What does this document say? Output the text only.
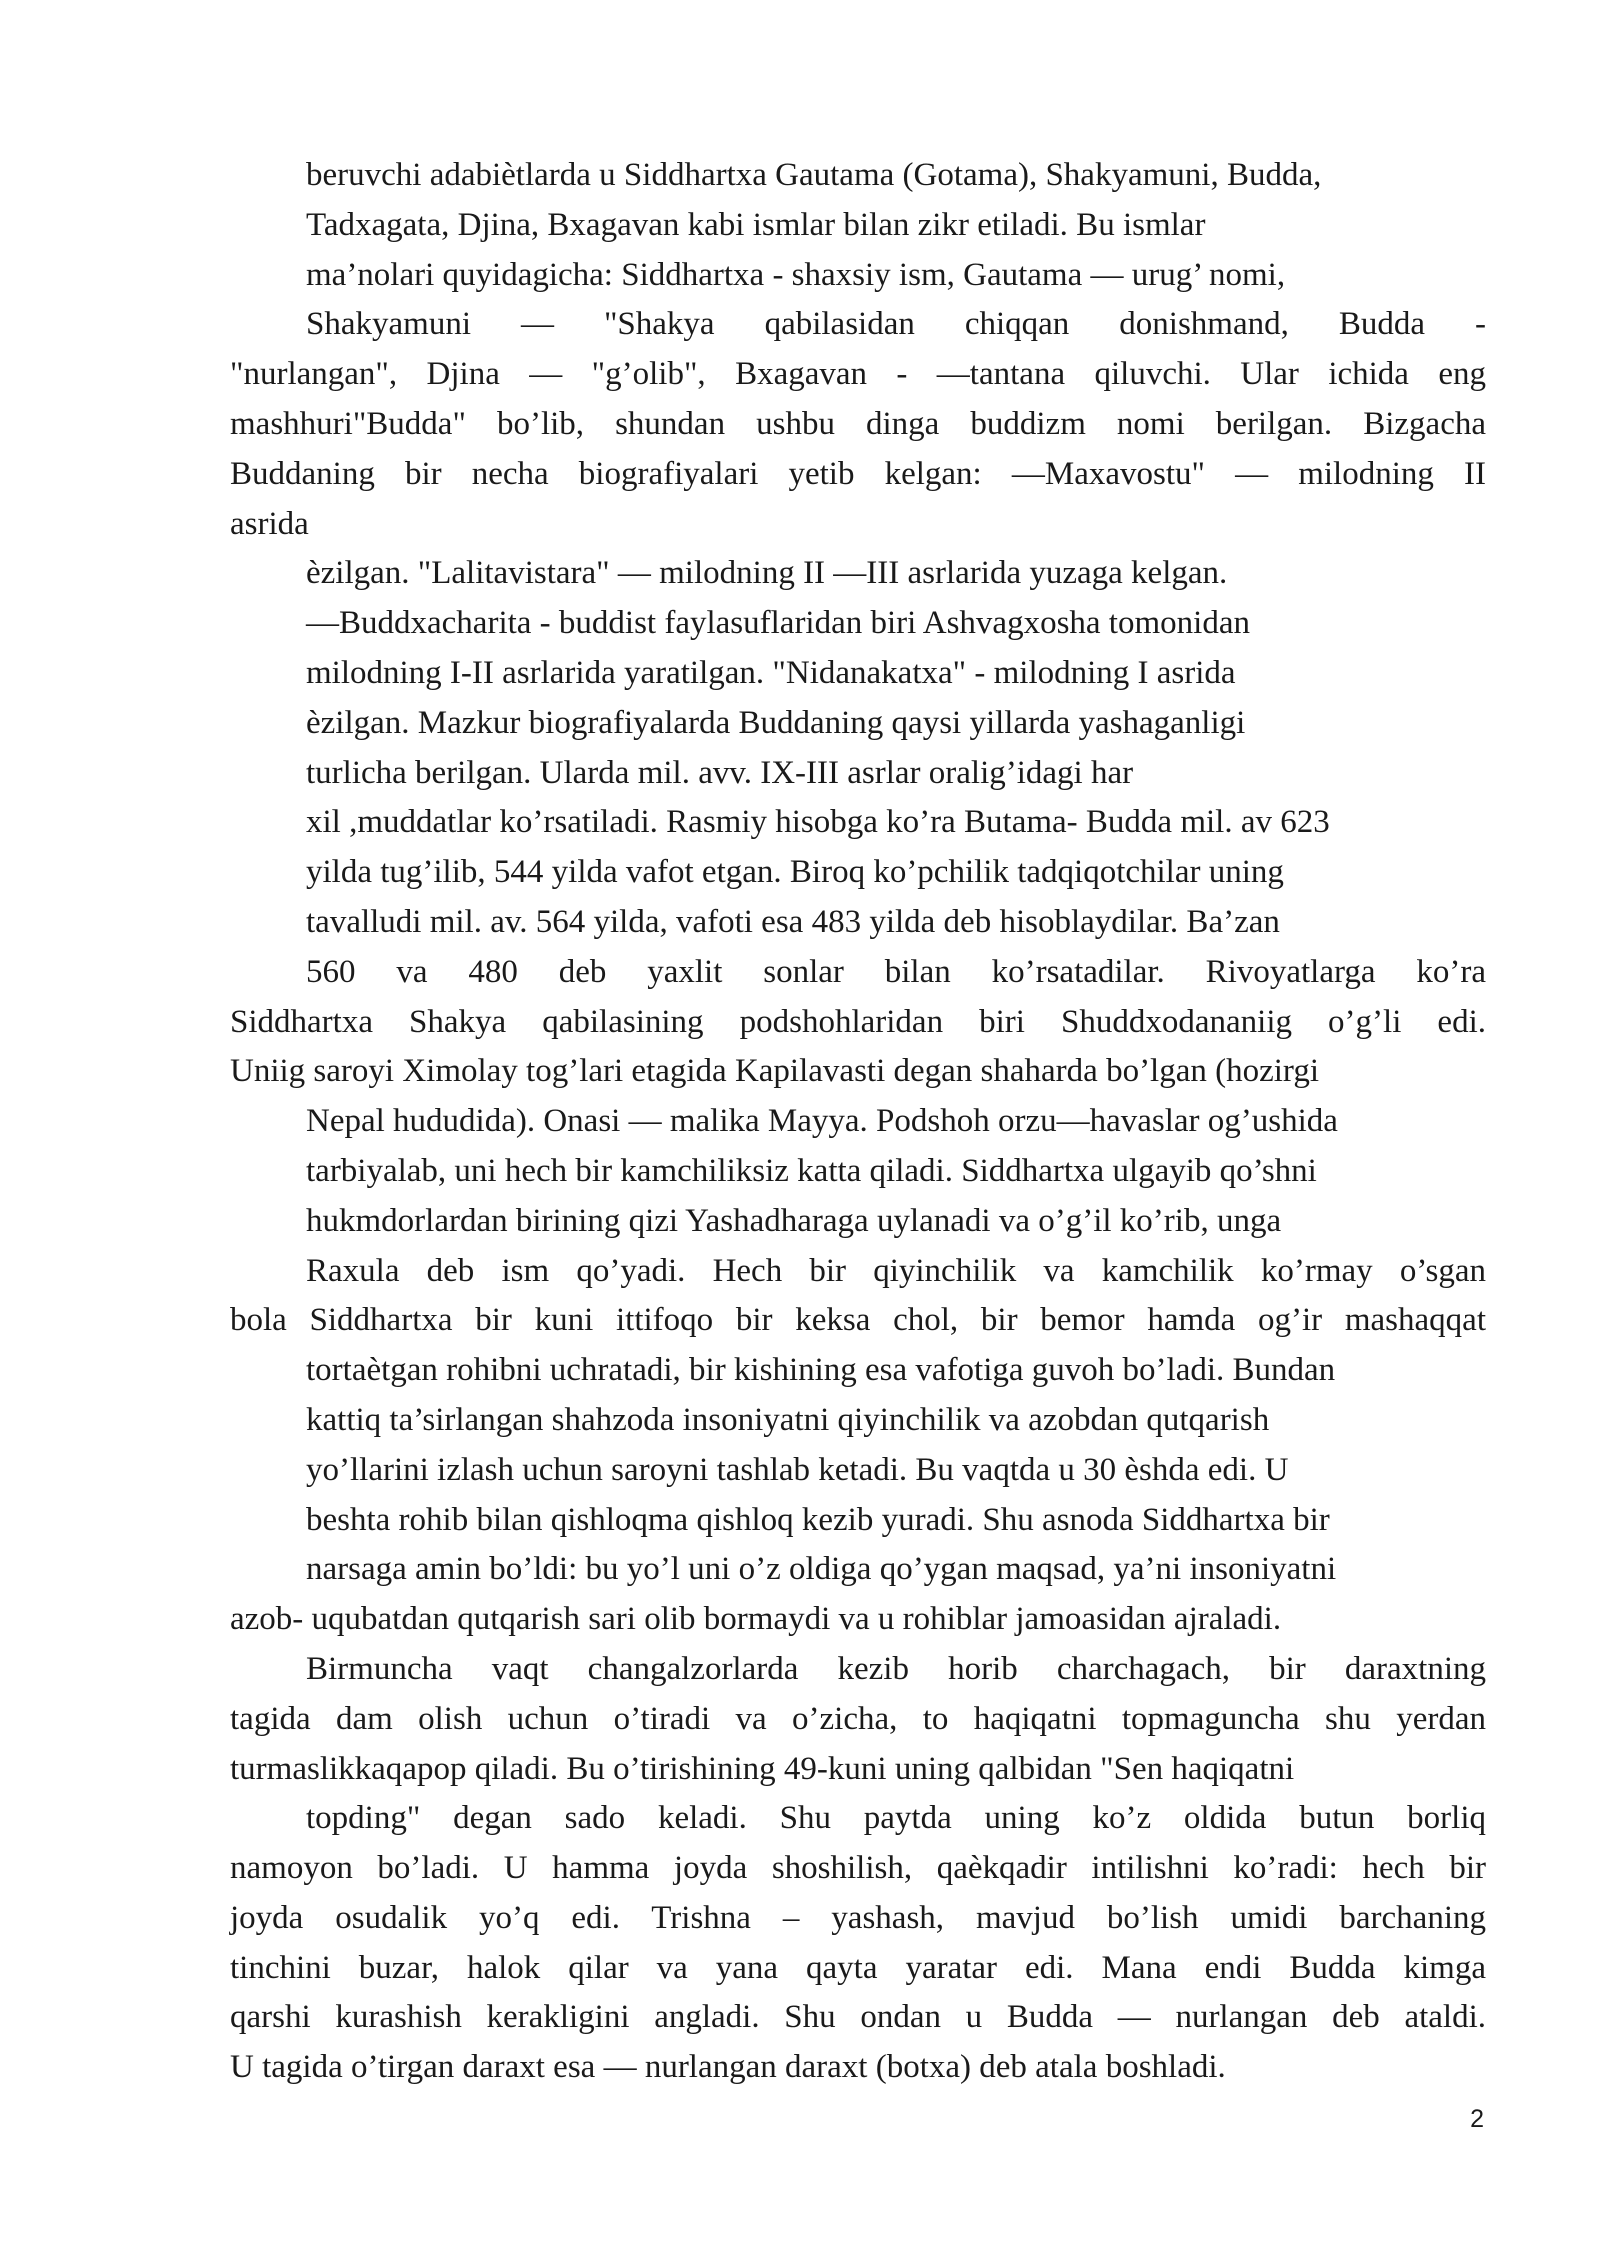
beruvchi adabiètlarda u Siddhartxa Gautama (Gotama), Shakyamuni, Budda,
Tadxagata, Djina, Bxagavan kabi ismlar bilan zikr etiladi. Bu ismlar
ma’nolari quyidagicha: Siddhartxa - shaxsiy ism, Gautama — urug’ nomi,
Shakyamuni — "Shakya qabilasidan chiqqan donishmand, Budda -
"nurlangan", Djina — "g’olib", Bxagavan - —tantana qiluvchi. Ular ichida eng
mashhuri"Budda" bo’lib, shundan ushbu dinga buddizm nomi berilgan. Bizgacha
Buddaning bir necha biografiyalari yetib kelgan: —Maxavostu" — milodning II
asrida
èzilgan. "Lalitavistara" — milodning II —III asrlarida yuzaga kelgan.
—Buddxacharita - buddist faylasuflaridan biri Ashvagxosha tomonidan
milodning I-II asrlarida yaratilgan. "Nidanakatxa" - milodning I asrida
èzilgan. Mazkur biografiyalarda Buddaning qaysi yillarda yashaganligi
turlicha berilgan. Ularda mil. avv. IX-III asrlar oralig’idagi har
xil ,muddatlar ko’rsatiladi. Rasmiy hisobga ko’ra Butama- Budda mil. av 623
yilda tug’ilib, 544 yilda vafot etgan. Biroq ko’pchilik tadqiqotchilar uning
tavalludi mil. av. 564 yilda, vafoti esa 483 yilda deb hisoblaydilar. Ba’zan
560 va 480 deb yaxlit sonlar bilan ko’rsatadilar. Rivoyatlarga ko’ra
Siddhartxa Shakya qabilasining podshohlaridan biri Shuddxodananiig o’g’li edi.
Uniig saroyi Ximolay tog’lari etagida Kapilavasti degan shaharda bo’lgan (hozirgi
Nepal hududida). Onasi — malika Mayya. Podshoh orzu—havaslar og’ushida
tarbiyalab, uni hech bir kamchiliksiz katta qiladi. Siddhartxa ulgayib qo’shni
hukmdorlardan birining qizi Yashadharaga uylanadi va o’g’il ko’rib, unga
Raxula deb ism qo’yadi. Hech bir qiyinchilik va kamchilik ko’rmay o’sgan
bola Siddhartxa bir kuni ittifoqo bir keksa chol, bir bemor hamda og’ir mashaqqat
tortaètgan rohibni uchratadi, bir kishining esa vafotiga guvoh bo’ladi. Bundan
kattiq ta’sirlangan shahzoda insoniyatni qiyinchilik va azobdan qutqarish
yo’llarini izlash uchun saroyni tashlab ketadi. Bu vaqtda u 30 èshda edi. U
beshta rohib bilan qishloqma qishloq kezib yuradi. Shu asnoda Siddhartxa bir
narsaga amin bo’ldi: bu yo’l uni o’z oldiga qo’ygan maqsad, ya’ni insoniyatni
azob- uqubatdan qutqarish sari olib bormaydi va u rohiblar jamoasidan ajraladi.
Birmuncha vaqt changalzorlarda kezib horib charchagach, bir daraxtning
tagida dam olish uchun o’tiradi va o’zicha, to haqiqatni topmaguncha shu yerdan
turmaslikkaqapop qiladi. Bu o’tirishining 49-kuni uning qalbidan "Sen haqiqatni
topding" degan sado keladi. Shu paytda uning ko’z oldida butun borliq
namoyon bo’ladi. U hamma joyda shoshilish, qaèkqadir intilishni ko’radi: hech bir
joyda osudalik yo’q edi. Trishna – yashash, mavjud bo’lish umidi barchaning
tinchini buzar, halok qilar va yana qayta yaratar edi. Mana endi Budda kimga
qarshi kurashish kerakligini angladi. Shu ondan u Budda — nurlangan deb ataldi.
U tagida o’tirgan daraxt esa — nurlangan daraxt (botxa) deb atala boshladi.
2
